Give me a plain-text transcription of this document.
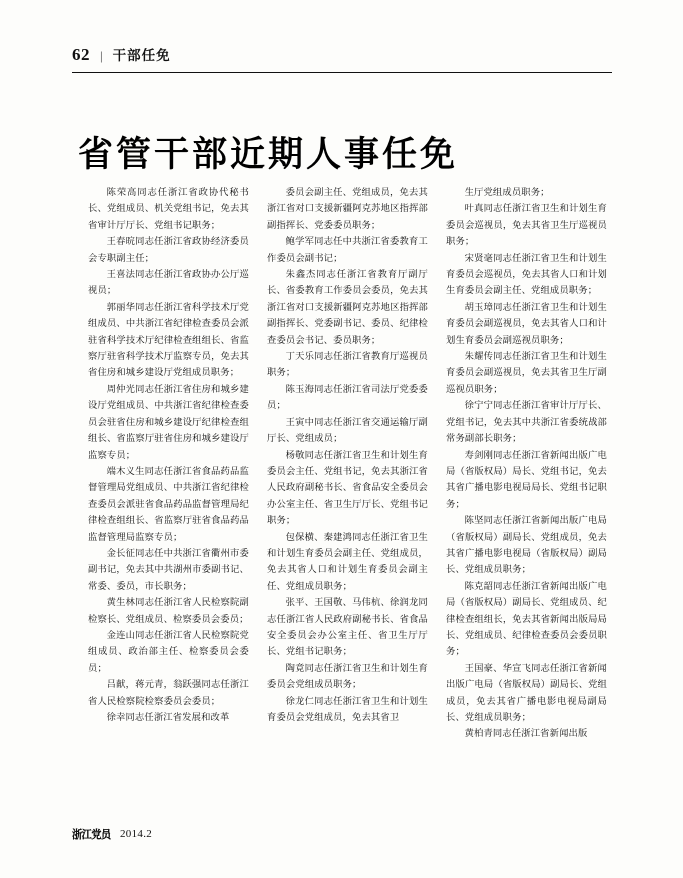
62 | 干部任免
省管干部近期人事任免

陈荣高同志任浙江省政协代秘书长、党组成员、机关党组书记，免去其省审计厅厅长、党组书记职务；

王春晥同志任浙江省政协经济委员会专职副主任；

王喜法同志任浙江省政协办公厅巡视员；

郭丽华同志任浙江省科学技术厅党组成员、中共浙江省纪律检查委员会派驻省科学技术厅纪律检查组组长、省监察厅驻省科学技术厅监察专员，免去其省住房和城乡建设厅党组成员职务；

周仲光同志任浙江省住房和城乡建设厅党组成员、中共浙江省纪律检查委员会驻省住房和城乡建设厅纪律检查组组长、省监察厅驻省住房和城乡建设厅监察专员；

端木义生同志任浙江省食品药品监督管理局党组成员、中共浙江省纪律检查委员会派驻省食品药品监督管理局纪律检查组组长、省监察厅驻省食品药品监督管理局监察专员；

金长征同志任中共浙江省衢州市委副书记，免去其中共湖州市委副书记、常委、委员，市长职务；

黄生林同志任浙江省人民检察院副检察长、党组成员、检察委员会委员；

金连山同志任浙江省人民检察院党组成员、政治部主任、检察委员会委员；

吕献，蒋元青，翁跃强同志任浙江省人民检察院检察委员会委员；

徐幸同志任浙江省发展和改革

委员会副主任、党组成员，免去其浙江省对口支援新疆阿克苏地区指挥部副指挥长、党委委员职务；

鲍学军同志任中共浙江省委教育工作委员会副书记；

朱鑫杰同志任浙江省教育厅副厅长、省委教育工作委员会委员，免去其浙江省对口支援新疆阿克苏地区指挥部副指挥长、党委副书记、委员、纪律检查委员会书记、委员职务；

丁天乐同志任浙江省教育厅巡视员职务；

陈玉海同志任浙江省司法厅党委委员；

王寅中同志任浙江省交通运输厅副厅长、党组成员；

杨敬同志任浙江省卫生和计划生育委员会主任、党组书记，免去其浙江省人民政府副秘书长、省食品安全委员会办公室主任、省卫生厅厅长、党组书记职务；

包保横、秦建鸿同志任浙江省卫生和计划生育委员会副主任、党组成员，免去其省人口和计划生育委员会副主任、党组成员职务；

张平、王国敬、马伟杭、徐润龙同志任浙江省人民政府副秘书长、省食品安全委员会办公室主任、省卫生厅厅长、党组书记职务；

陶竟同志任浙江省卫生和计划生育委员会党组成员职务；

徐龙仁同志任浙江省卫生和计划生育委员会党组成员，免去其省卫

生厅党组成员职务；

叶真同志任浙江省卫生和计划生育委员会巡视员，免去其省卫生厅巡视员职务；

宋贤毫同志任浙江省卫生和计划生育委员会巡视员，免去其省人口和计划生育委员会副主任、党组成员职务；

胡玉璋同志任浙江省卫生和计划生育委员会副巡视员，免去其省人口和计划生育委员会副巡视员职务；

朱耀传同志任浙江省卫生和计划生育委员会副巡视员，免去其省卫生厅副巡视员职务；

徐宁宁同志任浙江省审计厅厅长、党组书记，免去其中共浙江省委统战部常务副部长职务；

寿剑刚同志任浙江省新闻出版广电局（省版权局）局长、党组书记，免去其省广播电影电视局局长、党组书记职务；

陈坚同志任浙江省新闻出版广电局（省版权局）副局长、党组成员，免去其省广播电影电视局（省版权局）副局长、党组成员职务；

陈克韶同志任浙江省新闻出版广电局（省版权局）副局长、党组成员、纪律检查组组长，免去其省新闻出版局局长、党组成员、纪律检查委员会委员职务；

王国豪、华宣飞同志任浙江省新闻出版广电局（省版权局）副局长、党组成员，免去其省广播电影电视局副局长、党组成员职务；

黄柏青同志任浙江省新闻出版

浙江党员 2014.2
